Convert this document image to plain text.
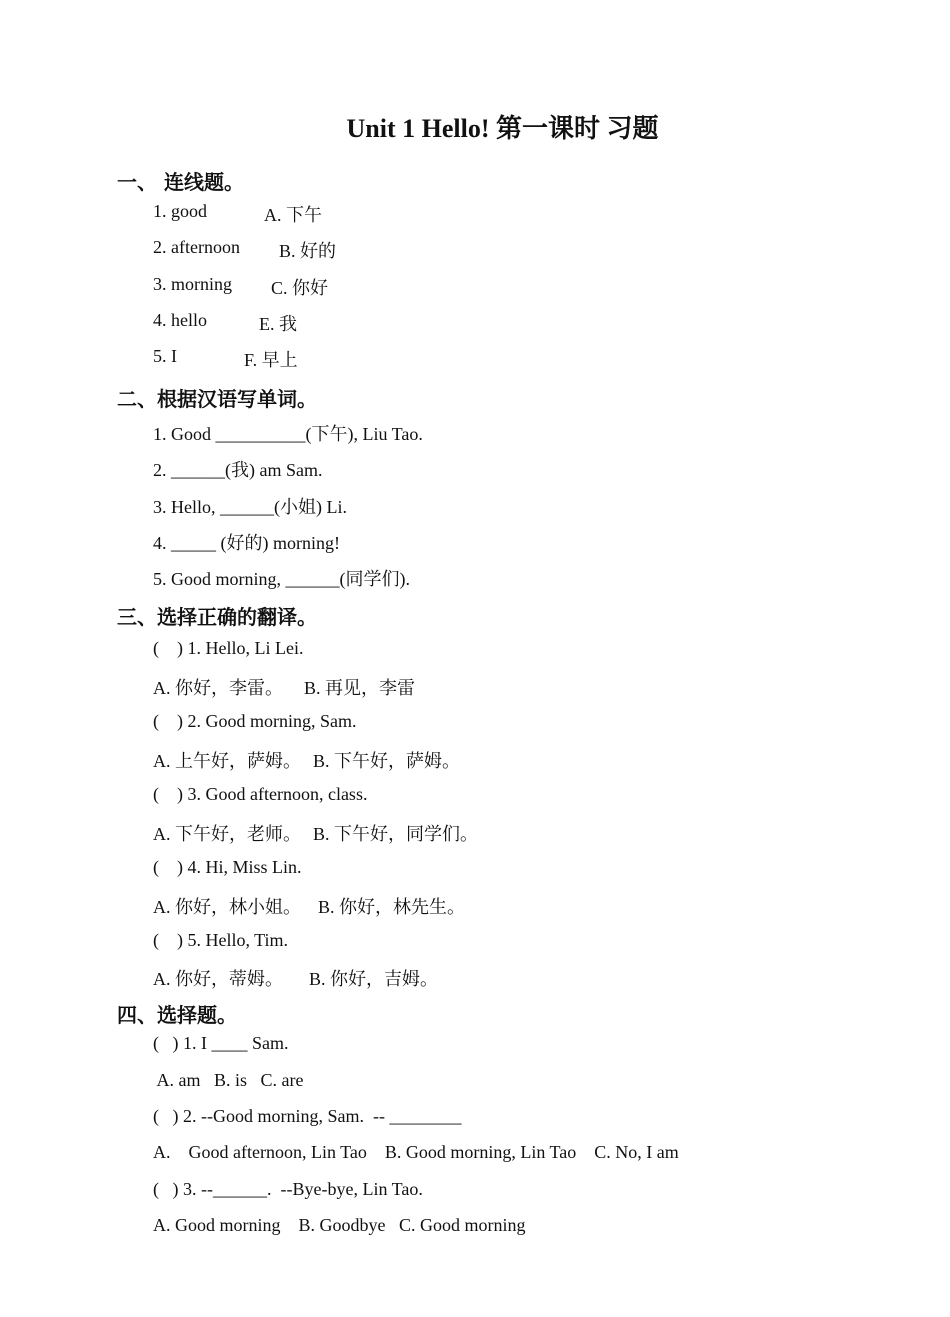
Unit 1 Hello! 第一课时 习题
一、 连线题。
1. good	A. 下午
2. afternoon B. 好的
3. morning C. 你好
4. hello	E. 我
5. I	F. 早上
二、根据汉语写单词。
1. Good __________(下午), Liu Tao.
2. ______(我) am Sam.
3. Hello, ______(小姐) Li.
4. _____ (好的) morning!
5. Good morning, ______(同学们).
三、选择正确的翻译。
(    ) 1. Hello, Li Lei.
A. 你好，李雷。 B. 再见，李雷
(    ) 2. Good morning, Sam.
A. 上午好，萨姆。 B. 下午好，萨姆。
(    ) 3. Good afternoon, class.
A. 下午好，老师。 B. 下午好，同学们。
(    ) 4. Hi, Miss Lin.
A. 你好，林小姐。 B. 你好，林先生。
(    ) 5. Hello, Tim.
A. 你好，蒂姆。 B. 你好，吉姆。
四、选择题。
(   ) 1. I ____ Sam.
A. am   B. is   C. are
(   ) 2. --Good morning, Sam.  -- ________
A.    Good afternoon, Lin Tao    B. Good morning, Lin Tao    C. No, I am
(   ) 3. --______.  --Bye-bye, Lin Tao.
A. Good morning    B. Goodbye   C. Good morning
